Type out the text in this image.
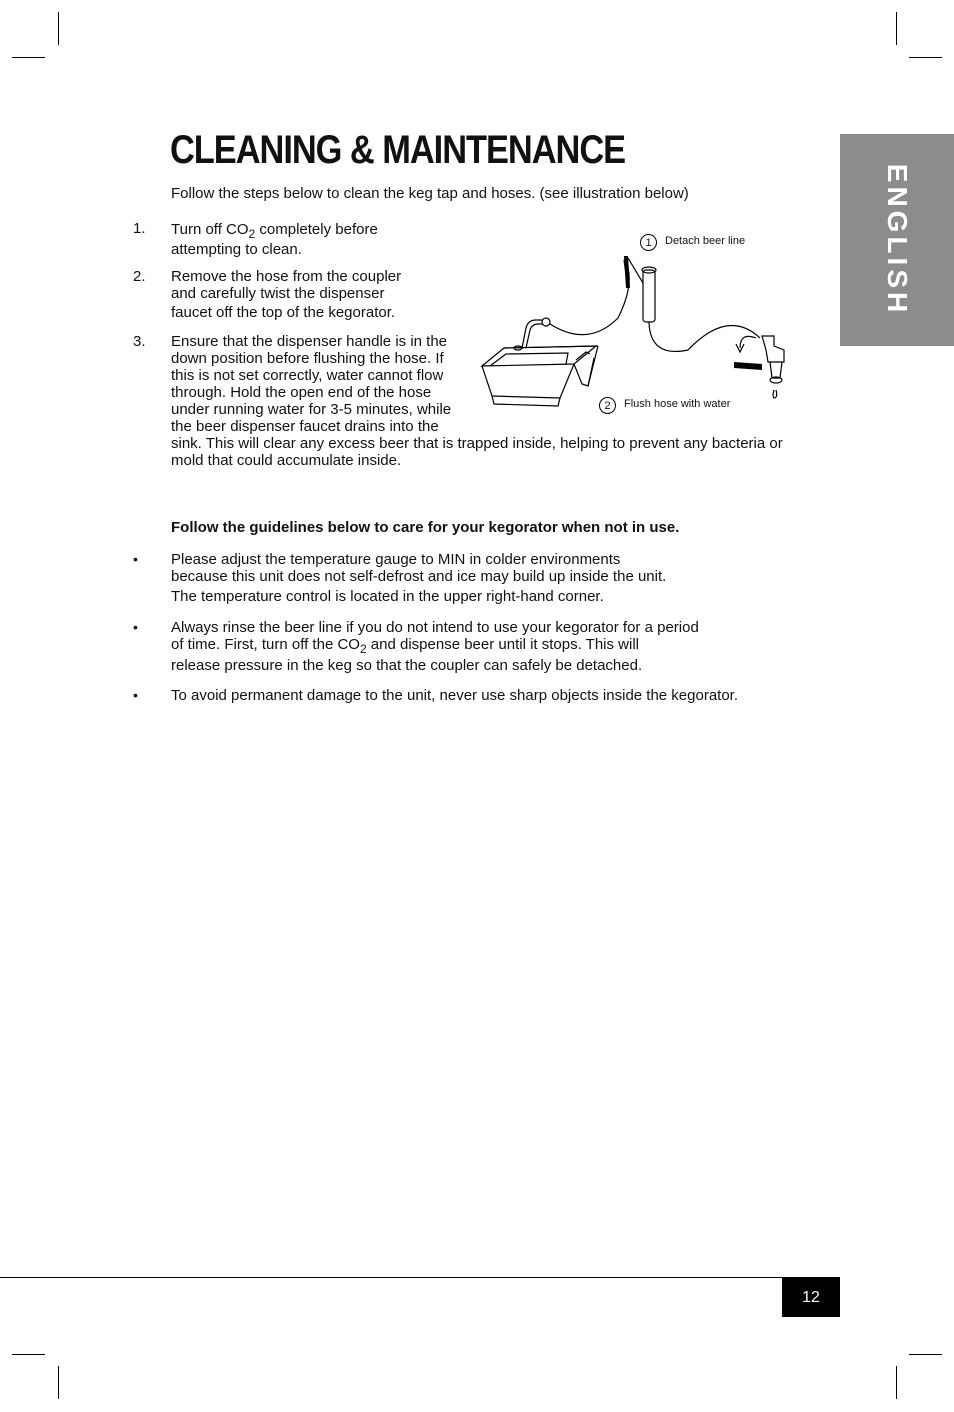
ENGLISH
CLEANING & MAINTENANCE
Follow the steps below to clean the keg tap and hoses. (see illustration below)
1. Turn off $CO_2$ completely before
attempting to clean.
2. Remove the hose from the coupler
and carefully twist the dispenser
faucet off the top of the kegorator.
3. Ensure that the dispenser handle is in the
down position before flushing the hose. If
this is not set correctly, water cannot flow
through. Hold the open end of the hose
under running water for 3-5 minutes, while
the beer dispenser faucet drains into the
sink. This will clear any excess beer that is trapped inside, helping to prevent any bacteria or
mold that could accumulate inside.
1	Detach beer line
2	Flush hose with water
Follow the guidelines below to care for your kegorator when not in use.
• Please adjust the temperature gauge to MIN in colder environments
because this unit does not self-defrost and ice may build up inside the unit.
The temperature control is located in the upper right-hand corner.
• Always rinse the beer line if you do not intend to use your kegorator for a period
of time. First, turn off the $CO_2$ and dispense beer until it stops. This will
release pressure in the keg so that the coupler can safely be detached.
• To avoid permanent damage to the unit, never use sharp objects inside the kegorator.
12
